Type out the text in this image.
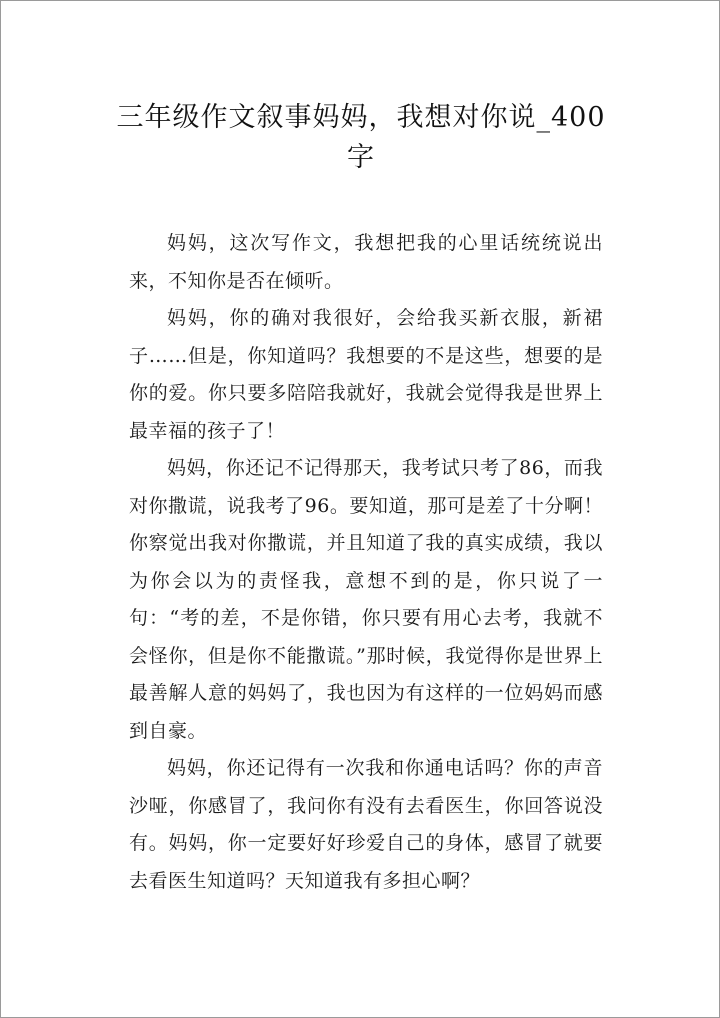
三年级作文叙事妈妈，我想对你说_400字

妈妈，这次写作文，我想把我的心里话统统说出来，不知你是否在倾听。

妈妈，你的确对我很好，会给我买新衣服，新裙子……但是，你知道吗？我想要的不是这些，想要的是你的爱。你只要多陪陪我就好，我就会觉得我是世界上最幸福的孩子了！

妈妈，你还记不记得那天，我考试只考了86，而我对你撒谎，说我考了96。要知道，那可是差了十分啊！你察觉出我对你撒谎，并且知道了我的真实成绩，我以为你会以为的责怪我，意想不到的是，你只说了一句：“考的差，不是你错，你只要有用心去考，我就不会怪你，但是你不能撒谎。”那时候，我觉得你是世界上最善解人意的妈妈了，我也因为有这样的一位妈妈而感到自豪。

妈妈，你还记得有一次我和你通电话吗？你的声音沙哑，你感冒了，我问你有没有去看医生，你回答说没有。妈妈，你一定要好好珍爱自己的身体，感冒了就要去看医生知道吗？天知道我有多担心啊？
